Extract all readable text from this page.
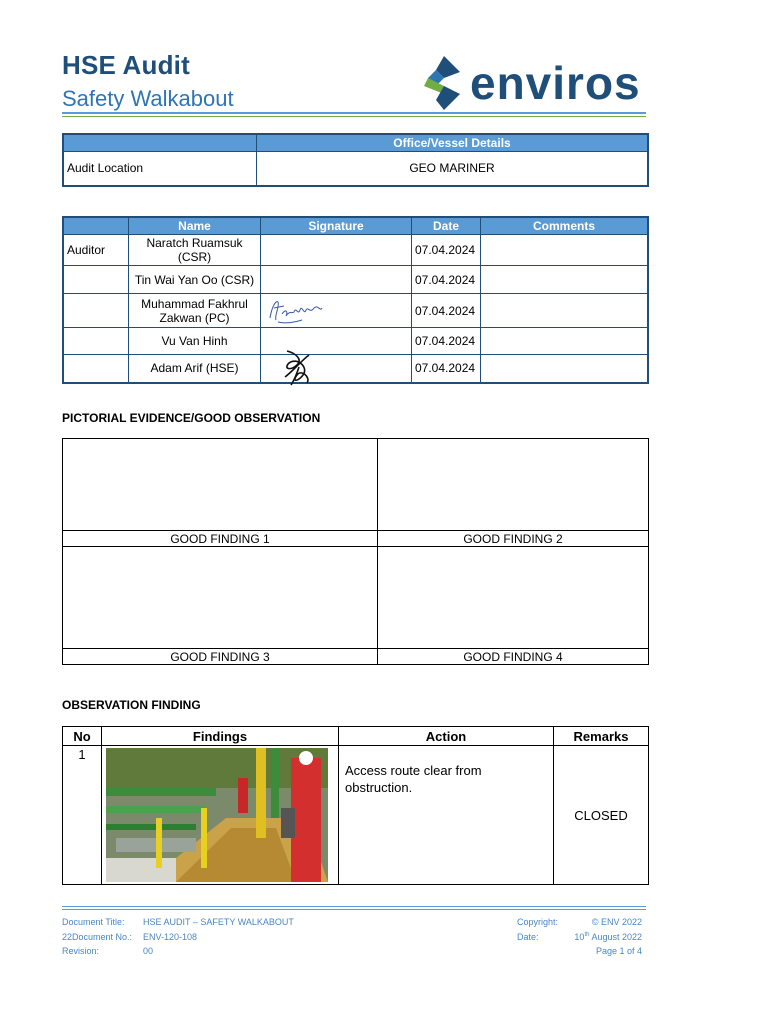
HSE Audit
Safety Walkabout	enviros
	Office/Vessel Details
Audit Location	GEO MARINER
	Name	Signature	Date	Comments
Auditor	Naratch Ruamsuk (CSR)		07.04.2024	
	Tin Wai Yan Oo (CSR)		07.04.2024	
	Muhammad Fakhrul Zakwan (PC)		07.04.2024	
	Vu Van Hinh		07.04.2024	
	Adam Arif (HSE)		07.04.2024	
PICTORIAL EVIDENCE/GOOD OBSERVATION

GOOD FINDING 1	GOOD FINDING 2

GOOD FINDING 3	GOOD FINDING 4
OBSERVATION FINDING
No	Findings	Action	Remarks
1		Access route clear from obstruction.	CLOSED
Document Title: HSE AUDIT – SAFETY WALKABOUT
22Document No.: ENV-120-108
Revision:	00
Copyright:	© ENV 2022
Date:	10th August 2022
Page 1 of 4
